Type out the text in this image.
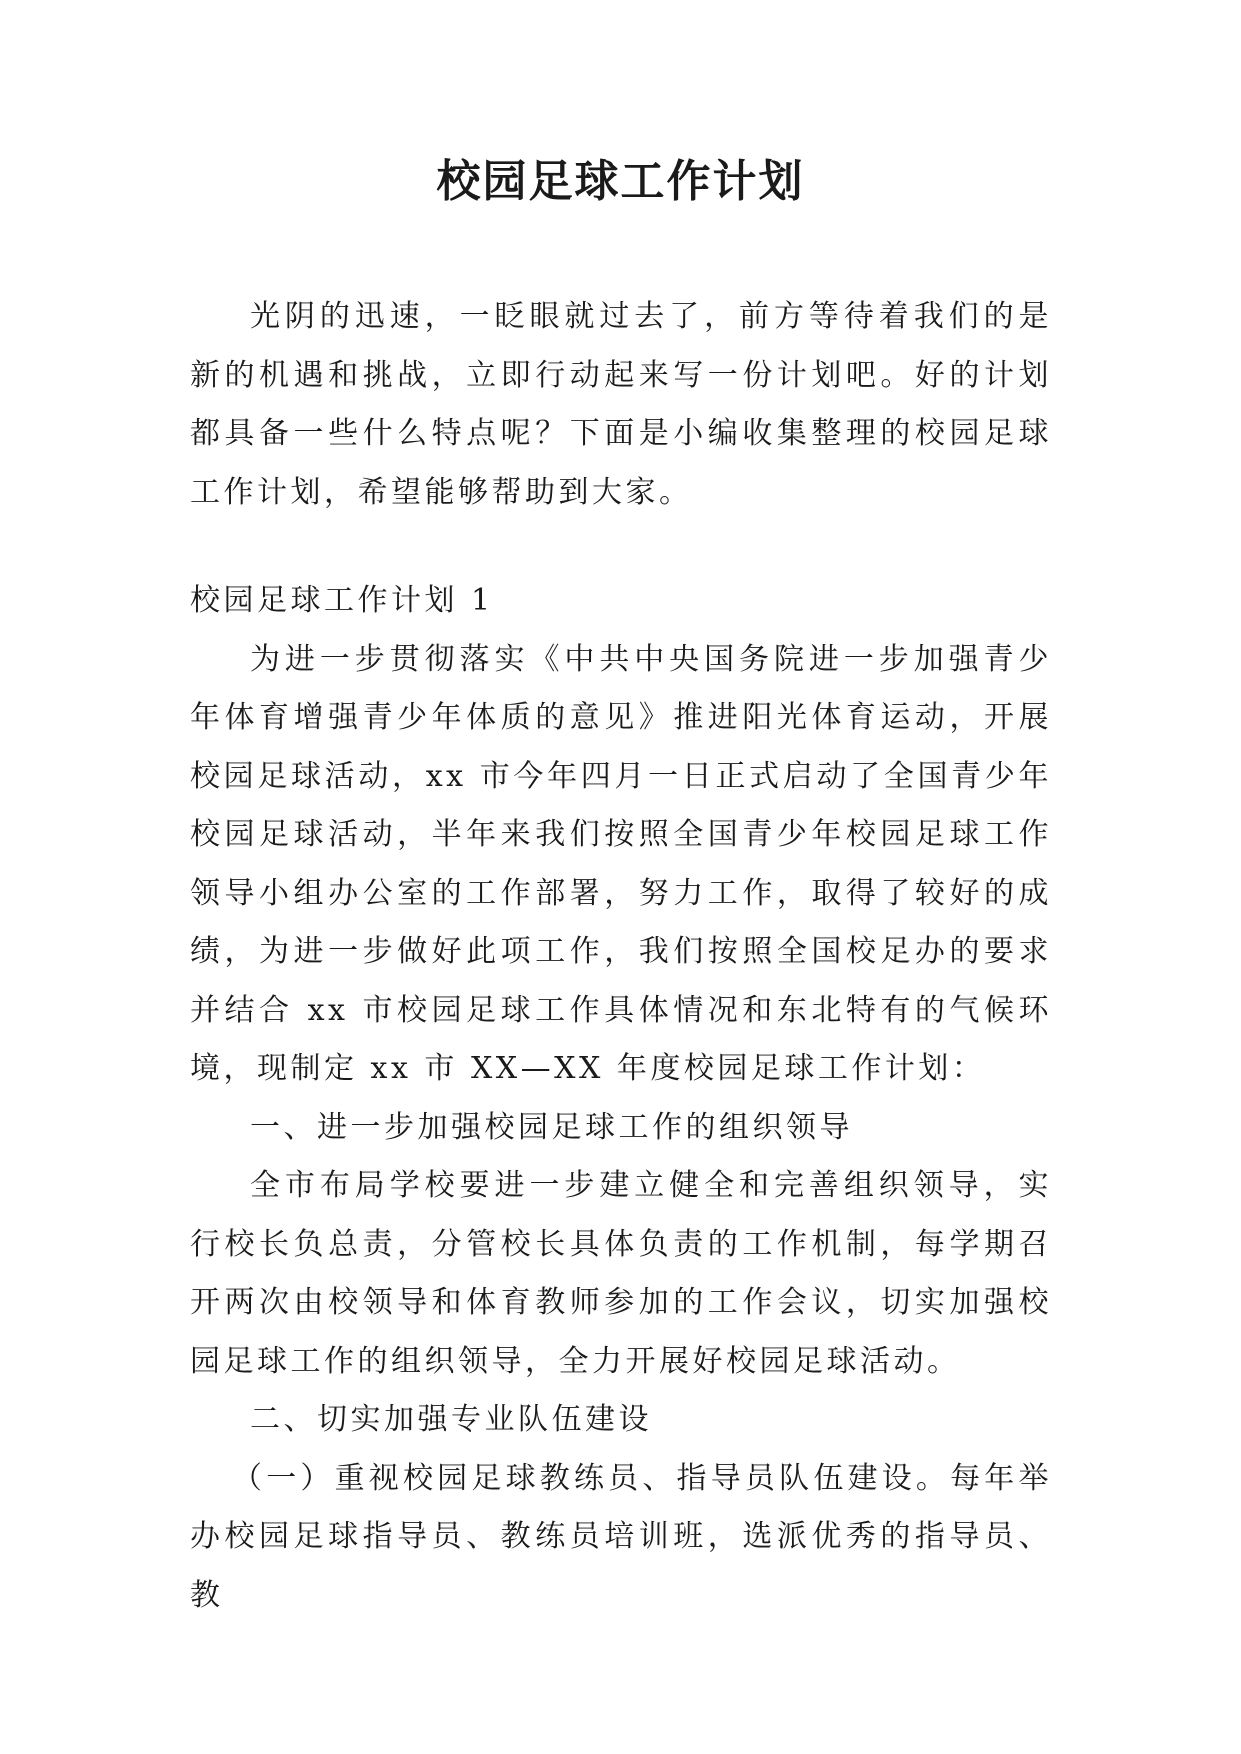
校园足球工作计划

光阴的迅速，一眨眼就过去了，前方等待着我们的是新的机遇和挑战，立即行动起来写一份计划吧。好的计划都具备一些什么特点呢？下面是小编收集整理的校园足球工作计划，希望能够帮助到大家。

校园足球工作计划 1

为进一步贯彻落实《中共中央国务院进一步加强青少年体育增强青少年体质的意见》推进阳光体育运动，开展校园足球活动，xx 市今年四月一日正式启动了全国青少年校园足球活动，半年来我们按照全国青少年校园足球工作领导小组办公室的工作部署，努力工作，取得了较好的成绩，为进一步做好此项工作，我们按照全国校足办的要求并结合 xx 市校园足球工作具体情况和东北特有的气候环境，现制定 xx 市 XX—XX 年度校园足球工作计划：

一、进一步加强校园足球工作的组织领导

全市布局学校要进一步建立健全和完善组织领导，实行校长负总责，分管校长具体负责的工作机制，每学期召开两次由校领导和体育教师参加的工作会议，切实加强校园足球工作的组织领导，全力开展好校园足球活动。

二、切实加强专业队伍建设

（一）重视校园足球教练员、指导员队伍建设。每年举办校园足球指导员、教练员培训班，选派优秀的指导员、教
